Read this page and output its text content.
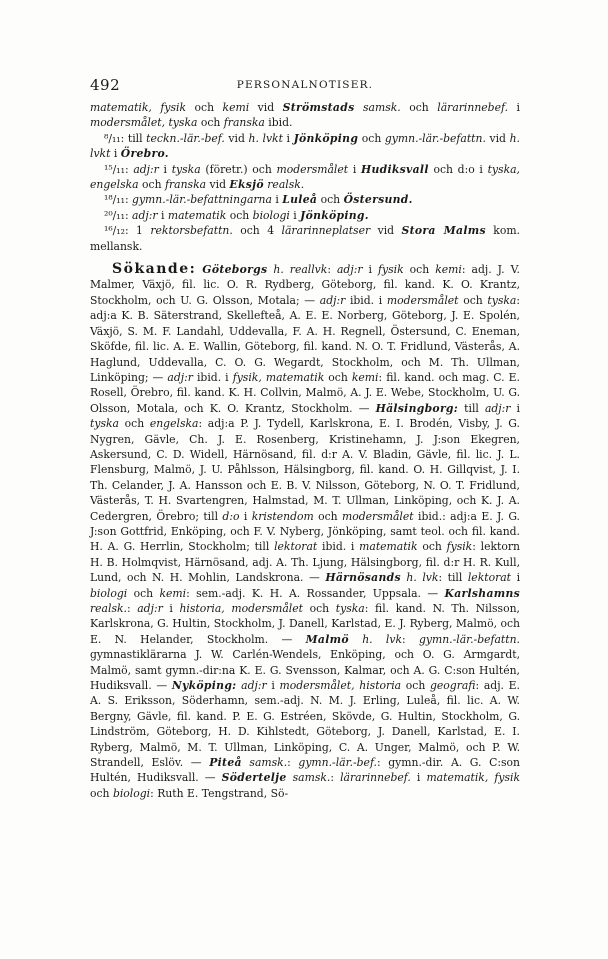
492	PERSONALNOTISER.

matematik, fysik och kemi vid Strömstads samsk. och lärarinnebef. i modersmålet, tyska och franska ibid.

⁸/₁₁: till teckn.-lär.-bef. vid h. lvkt i Jönköping och gymn.-lär.-befattn. vid h. lvkt i Örebro.

¹⁵/₁₁: adj:r i tyska (företr.) och modersmålet i Hudiksvall och d:o i tyska, engelska och franska vid Eksjö realsk.

¹⁸/₁₁: gymn.-lär.-befattningarna i Luleå och Östersund.

²⁰/₁₁: adj:r i matematik och biologi i Jönköping.

¹⁶/₁₂: 1 rektorsbefattn. och 4 lärarinneplatser vid Stora Malms kom. mellansk.

Sökande: Göteborgs h. reallvk: adj:r i fysik och kemi: adj. J. V. Malmer, Växjö, fil. lic. O. R. Rydberg, Göteborg, fil. kand. K. O. Krantz, Stockholm, och U. G. Olsson, Motala; — adj:r ibid. i modersmålet och tyska: adj:a K. B. Säterstrand, Skellefteå, A. E. E. Norberg, Göteborg, J. E. Spolén, Växjö, S. M. F. Landahl, Uddevalla, F. A. H. Regnell, Östersund, C. Eneman, Sköfde, fil. lic. A. E. Wallin, Göteborg, fil. kand. N. O. T. Fridlund, Västerås, A. Haglund, Uddevalla, C. O. G. Wegardt, Stockholm, och M. Th. Ullman, Linköping; — adj:r ibid. i fysik, matematik och kemi: fil. kand. och mag. C. E. Rosell, Örebro, fil. kand. K. H. Collvin, Malmö, A. J. E. Webe, Stockholm, U. G. Olsson, Motala, och K. O. Krantz, Stockholm. — Hälsingborg: till adj:r i tyska och engelska: adj:a P. J. Tydell, Karlskrona, E. I. Brodén, Visby, J. G. Nygren, Gävle, Ch. J. E. Rosenberg, Kristinehamn, J. J:son Ekegren, Askersund, C. D. Widell, Härnösand, fil. d:r A. V. Bladin, Gävle, fil. lic. J. L. Flensburg, Malmö, J. U. Påhlsson, Hälsingborg, fil. kand. O. H. Gillqvist, J. I. Th. Celander, J. A. Hansson och E. B. V. Nilsson, Göteborg, N. O. T. Fridlund, Västerås, T. H. Svartengren, Halmstad, M. T. Ullman, Linköping, och K. J. A. Cedergren, Örebro; till d:o i kristendom och modersmålet ibid.: adj:a E. J. G. J:son Gottfrid, Enköping, och F. V. Nyberg, Jönköping, samt teol. och fil. kand. H. A. G. Herrlin, Stockholm; till lektorat ibid. i matematik och fysik: lektorn H. B. Holmqvist, Härnösand, adj. A. Th. Ljung, Hälsingborg, fil. d:r H. R. Kull, Lund, och N. H. Mohlin, Landskrona. — Härnösands h. lvk: till lektorat i biologi och kemi: sem.-adj. K. H. A. Rossander, Uppsala. — Karlshamns realsk.: adj:r i historia, modersmålet och tyska: fil. kand. N. Th. Nilsson, Karlskrona, G. Hultin, Stockholm, J. Danell, Karlstad, E. J. Ryberg, Malmö, och E. N. Helander, Stockholm. — Malmö h. lvk: gymn.-lär.-befattn. gymnastiklärarna J. W. Carlén-Wendels, Enköping, och O. G. Armgardt, Malmö, samt gymn.-dir:na K. E. G. Svensson, Kalmar, och A. G. C:son Hultén, Hudiksvall. — Nyköping: adj:r i modersmålet, historia och geografi: adj. E. A. S. Eriksson, Söderhamn, sem.-adj. N. M. J. Erling, Luleå, fil. lic. A. W. Bergny, Gävle, fil. kand. P. E. G. Estréen, Skövde, G. Hultin, Stockholm, G. Lindström, Göteborg, H. D. Kihlstedt, Göteborg, J. Danell, Karlstad, E. I. Ryberg, Malmö, M. T. Ullman, Linköping, C. A. Unger, Malmö, och P. W. Strandell, Eslöv. — Piteå samsk.: gymn.-lär.-bef.: gymn.-dir. A. G. C:son Hultén, Hudiksvall. — Södertelje samsk.: lärarinnebef. i matematik, fysik och biologi: Ruth E. Tengstrand, Sö-
